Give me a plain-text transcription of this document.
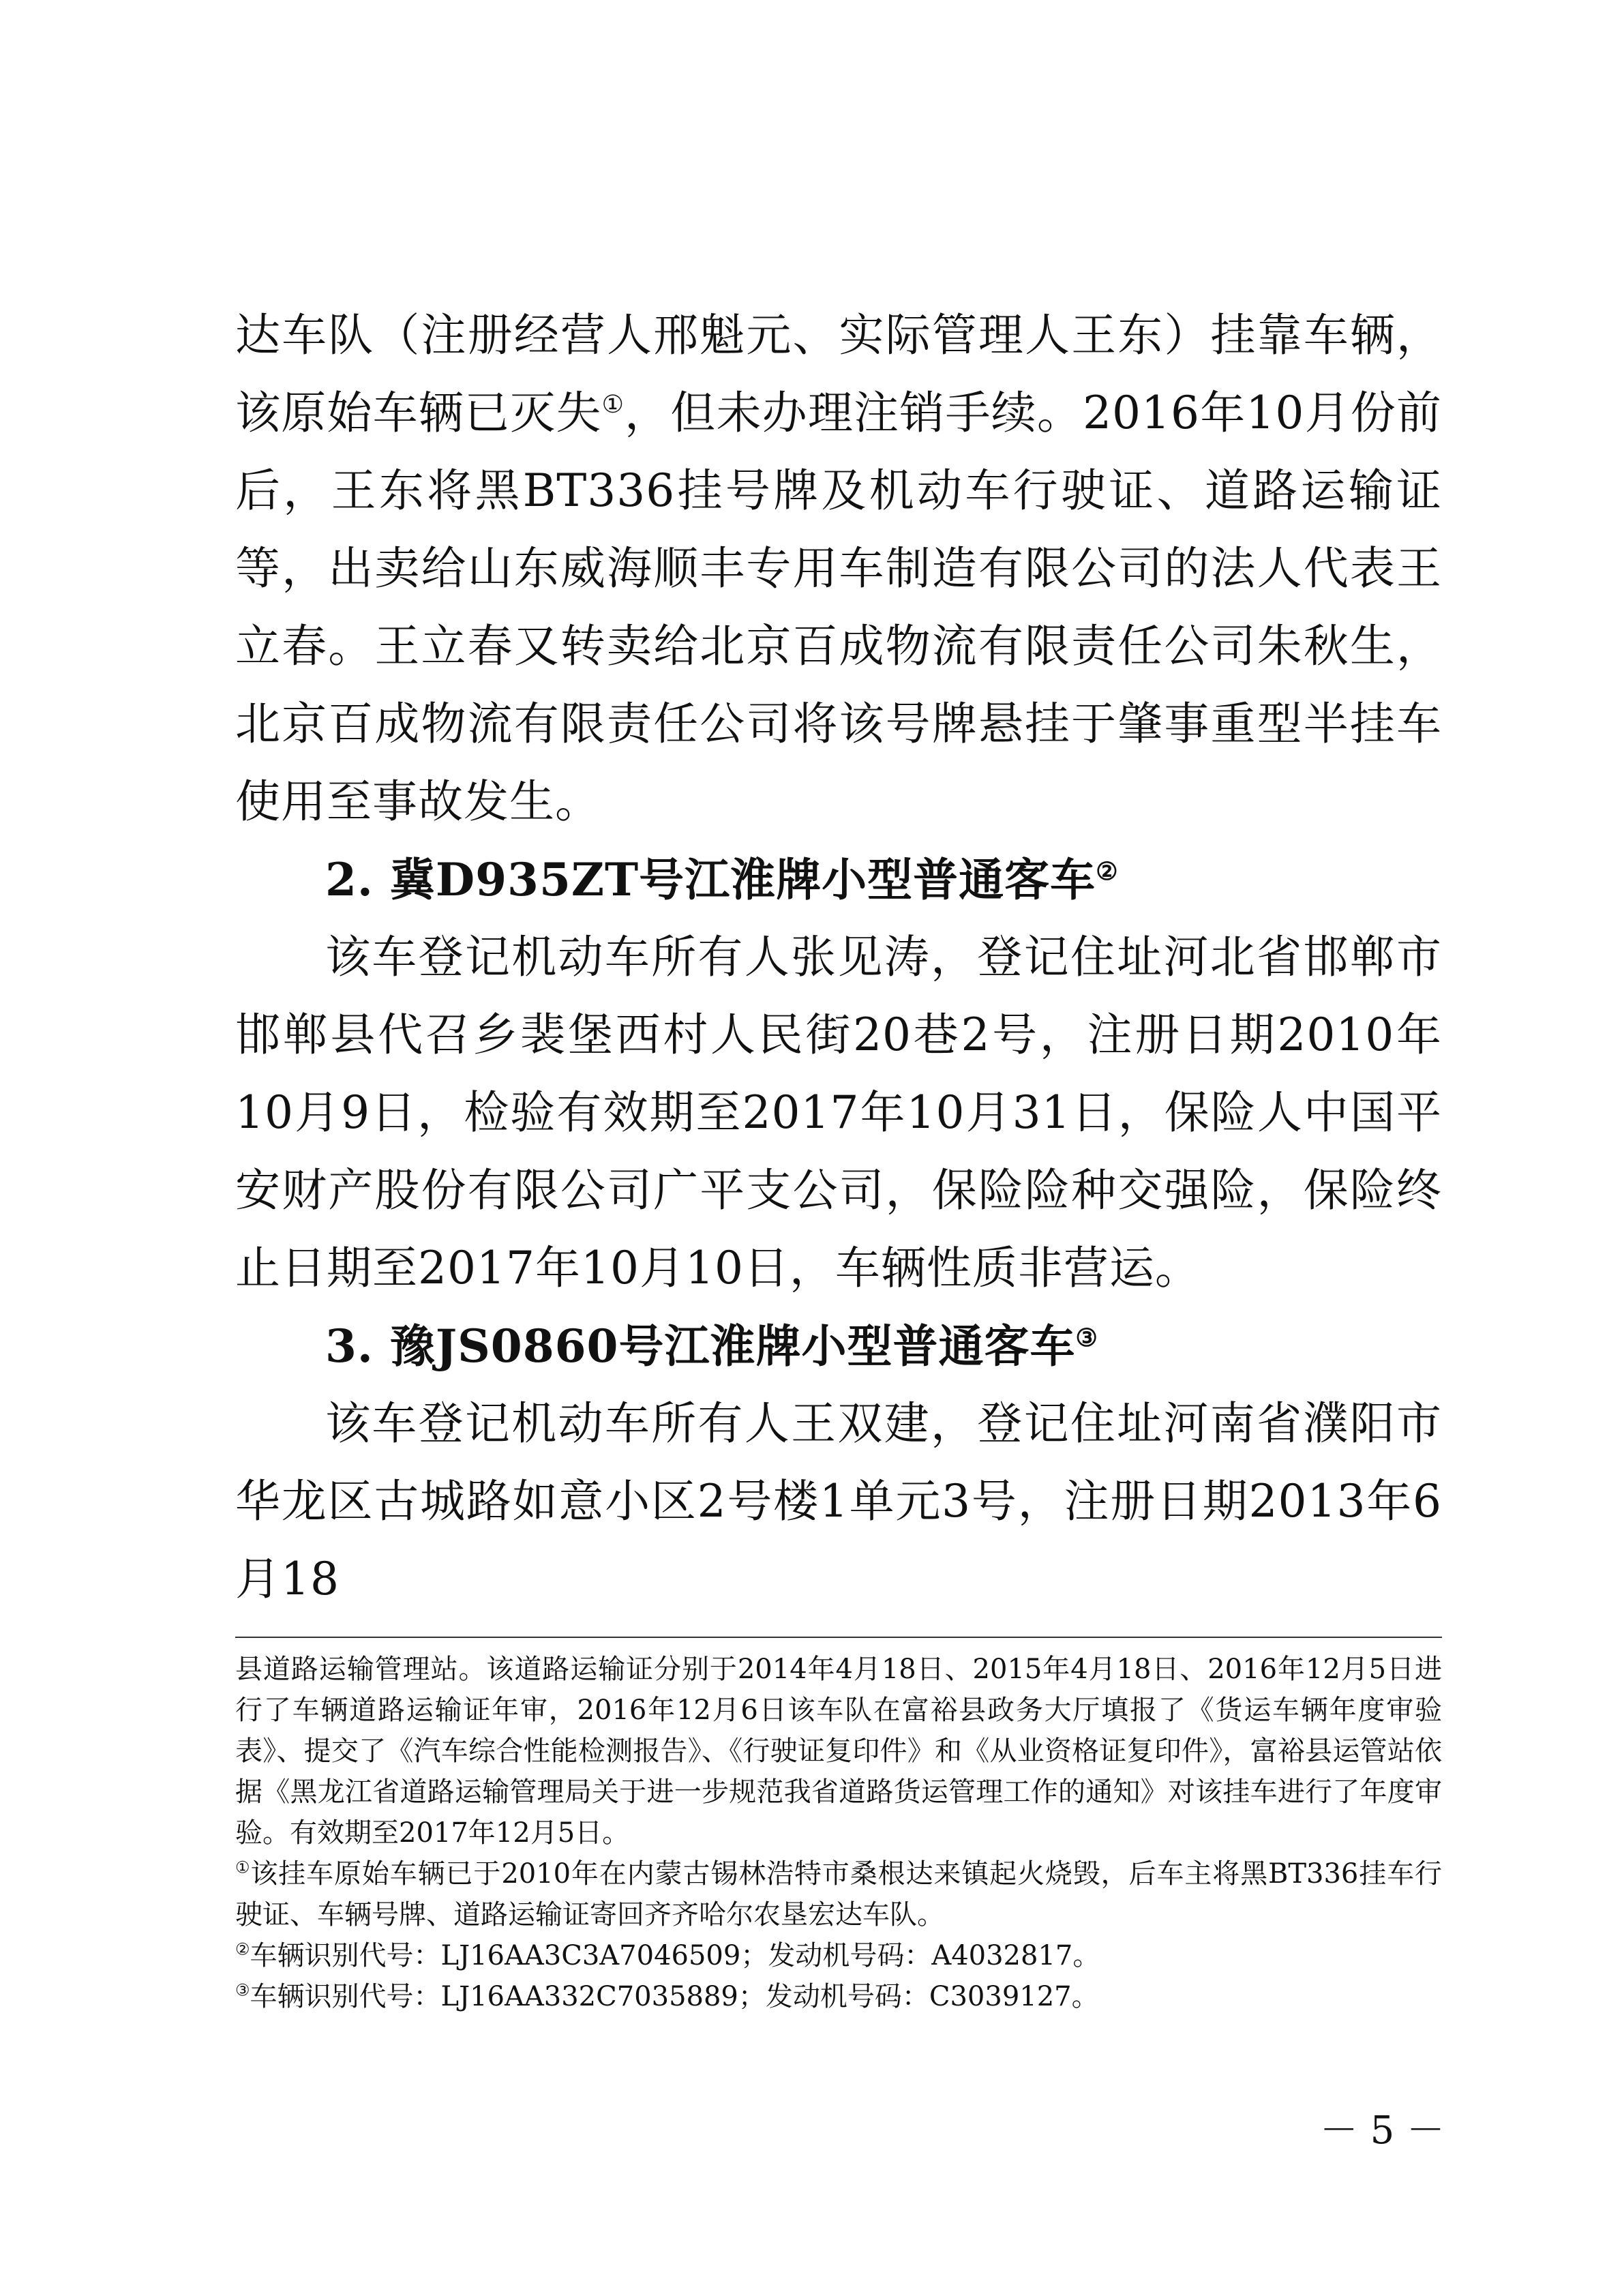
达车队（注册经营人邢魁元、实际管理人王东）挂靠车辆，该原始车辆已灭失①，但未办理注销手续。2016年10月份前后，王东将黑BT336挂号牌及机动车行驶证、道路运输证等，出卖给山东威海顺丰专用车制造有限公司的法人代表王立春。王立春又转卖给北京百成物流有限责任公司朱秋生，北京百成物流有限责任公司将该号牌悬挂于肇事重型半挂车使用至事故发生。

2. 冀D935ZT号江淮牌小型普通客车②

该车登记机动车所有人张见涛，登记住址河北省邯郸市邯郸县代召乡裴堡西村人民街20巷2号，注册日期2010年10月9日，检验有效期至2017年10月31日，保险人中国平安财产股份有限公司广平支公司，保险险种交强险，保险终止日期至2017年10月10日，车辆性质非营运。

3. 豫JS0860号江淮牌小型普通客车③

该车登记机动车所有人王双建，登记住址河南省濮阳市华龙区古城路如意小区2号楼1单元3号，注册日期2013年6月18

县道路运输管理站。该道路运输证分别于2014年4月18日、2015年4月18日、2016年12月5日进行了车辆道路运输证年审，2016年12月6日该车队在富裕县政务大厅填报了《货运车辆年度审验表》、提交了《汽车综合性能检测报告》、《行驶证复印件》和《从业资格证复印件》，富裕县运管站依据《黑龙江省道路运输管理局关于进一步规范我省道路货运管理工作的通知》对该挂车进行了年度审验。有效期至2017年12月5日。
①该挂车原始车辆已于2010年在内蒙古锡林浩特市桑根达来镇起火烧毁，后车主将黑BT336挂车行驶证、车辆号牌、道路运输证寄回齐齐哈尔农垦宏达车队。
②车辆识别代号：LJ16AA3C3A7046509；发动机号码：A4032817。
③车辆识别代号：LJ16AA332C7035889；发动机号码：C3039127。
－ 5 －
